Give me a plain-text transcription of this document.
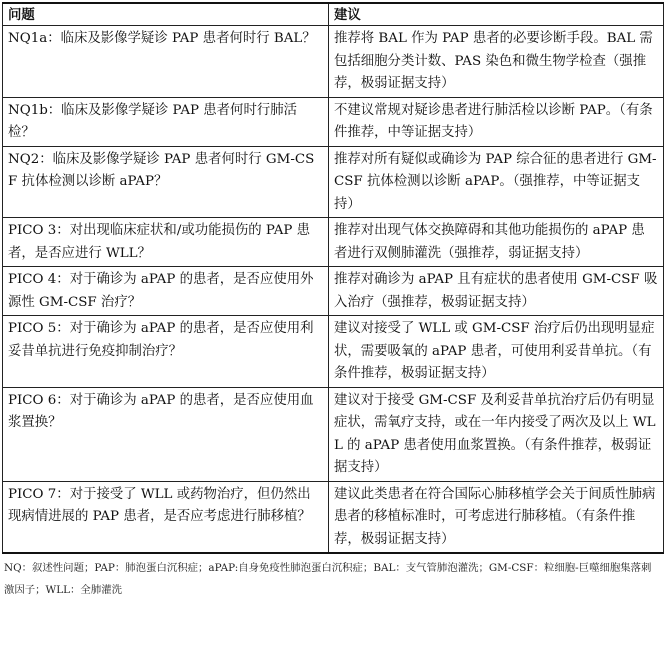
问题	建议
NQ1a：临床及影像学疑诊 PAP 患者何时行 BAL？	推荐将 BAL 作为 PAP 患者的必要诊断手段。BAL 需包括细胞分类计数、PAS 染色和微生物学检查（强推荐，极弱证据支持）
NQ1b：临床及影像学疑诊 PAP 患者何时行肺活检？	不建议常规对疑诊患者进行肺活检以诊断 PAP。（有条件推荐，中等证据支持）
NQ2：临床及影像学疑诊 PAP 患者何时行 GM-CSF 抗体检测以诊断 aPAP？	推荐对所有疑似或确诊为 PAP 综合征的患者进行 GM-CSF 抗体检测以诊断 aPAP。（强推荐，中等证据支持）
PICO 3：对出现临床症状和/或功能损伤的 PAP 患者，是否应进行 WLL？	推荐对出现气体交换障碍和其他功能损伤的 aPAP 患者进行双侧肺灌洗（强推荐，弱证据支持）
PICO 4：对于确诊为 aPAP 的患者，是否应使用外源性 GM-CSF 治疗？	推荐对确诊为 aPAP 且有症状的患者使用 GM-CSF 吸入治疗（强推荐，极弱证据支持）
PICO 5：对于确诊为 aPAP 的患者，是否应使用利妥昔单抗进行免疫抑制治疗？	建议对接受了 WLL 或 GM-CSF 治疗后仍出现明显症状，需要吸氧的 aPAP 患者，可使用利妥昔单抗。（有条件推荐，极弱证据支持）
PICO 6：对于确诊为 aPAP 的患者，是否应使用血浆置换？	建议对于接受 GM-CSF 及利妥昔单抗治疗后仍有明显症状，需氧疗支持，或在一年内接受了两次及以上 WLL 的 aPAP 患者使用血浆置换。（有条件推荐，极弱证据支持）
PICO 7：对于接受了 WLL 或药物治疗，但仍然出现病情进展的 PAP 患者，是否应考虑进行肺移植？	建议此类患者在符合国际心肺移植学会关于间质性肺病患者的移植标准时，可考虑进行肺移植。（有条件推荐，极弱证据支持）
NQ：叙述性问题；PAP：肺泡蛋白沉积症；aPAP:自身免疫性肺泡蛋白沉积症；BAL：支气管肺泡灌洗；GM-CSF：粒细胞-巨噬细胞集落刺激因子；WLL：全肺灌洗
